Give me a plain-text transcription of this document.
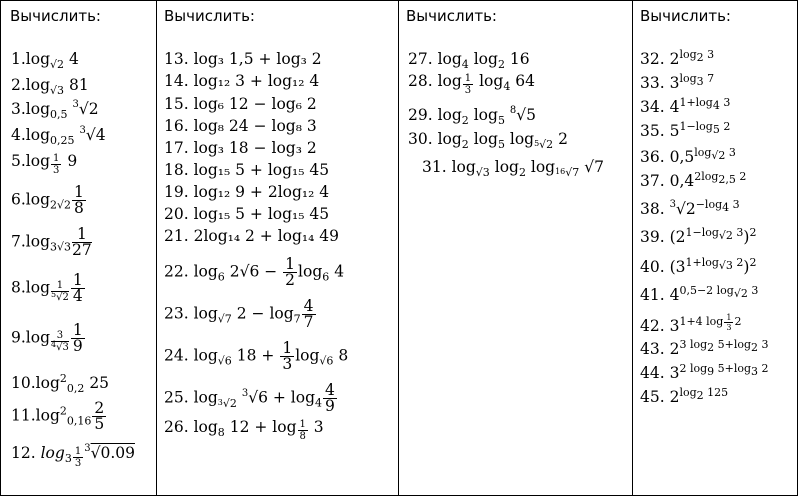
Вычислить:
$1.\log_{√2}$ 4
$2.\log_{√3}$ 81
$3.\log_{0,5}$ $^3$√2
$4.\log_{0,25}$ $^3$√4
$5.\log \frac{1}{3} 9$
$6.\log_{2√2} \frac{1}{8}$
$7.\log_{3√3} \frac{1}{27}$
$8.\log \frac{1}{^5√2} \frac{1}{4}$
$9.\log \frac{3}{^4√3} \frac{1}{9}$
$10.\log^2_{0,2}$ 25
$11.\log^2_{0,16} \frac{2}{5}$
12. $\log_{3 \frac{1}{3}} ^3√0.09$
Вычислить:
13. log₃ 1,5 + log₃ 2
14. log₁₂ 3 + log₁₂ 4
15. log₆ 12 − log₆ 2
16. log₈ 24 − log₈ 3
17. log₃ 18 − log₃ 2
18. log₁₅ 5 + log₁₅ 45
19. log₁₂ 9 + 2log₁₂ 4
20. log₁₅ 5 + log₁₅ 45
21. 2log₁₄ 2 + log₁₄ 49
22. $\log_6 2√6 - \frac{1}{2} \log_6 4$
23. $\log_{√7} 2 - \log_7 \frac{4}{7}$
24. $\log_{√6} 18 + \frac{1}{3} \log_{√6} 8$
25. $\log_{3√2} ^3√6 + \log_4 \frac{4}{9}$
26. $\log_8 12 + \log \frac{1}{8} 3$
Вычислить:
27. $\log_4 \log_2 16$
28. $\log \frac{1}{3} \log_4 64$
29. $\log_2 \log_5 ^8√5$
30. $\log_2 \log_5 \log_{5√2} 2$
31. $\log_{√3} \log_2 \log_{16√7} √7$
Вычислить:
32. $2^{log_2 3}$
33. $3^{log_3 7}$
34. $4^{1+log_4 3}$
35. $5^{1-log_5 2}$
36. $0,5^{log_{√2} 3}$
37. $0,4^{2log_{2,5} 2}$
38. $^3√2^{-log_4 3}$
39. $(2^{1-log_{√2} 3})^2$
40. $(3^{1+log_{√3} 2})^2$
41. $4^{0,5-2 log_{√2} 3}$
42. $3^{1+4 log \frac{1}{3} 2}$
43. $2^{3 log_2 5+log_2 3}$
44. $3^{2 log_9 5+log_3 2}$
45. $2^{log_2 125}$
